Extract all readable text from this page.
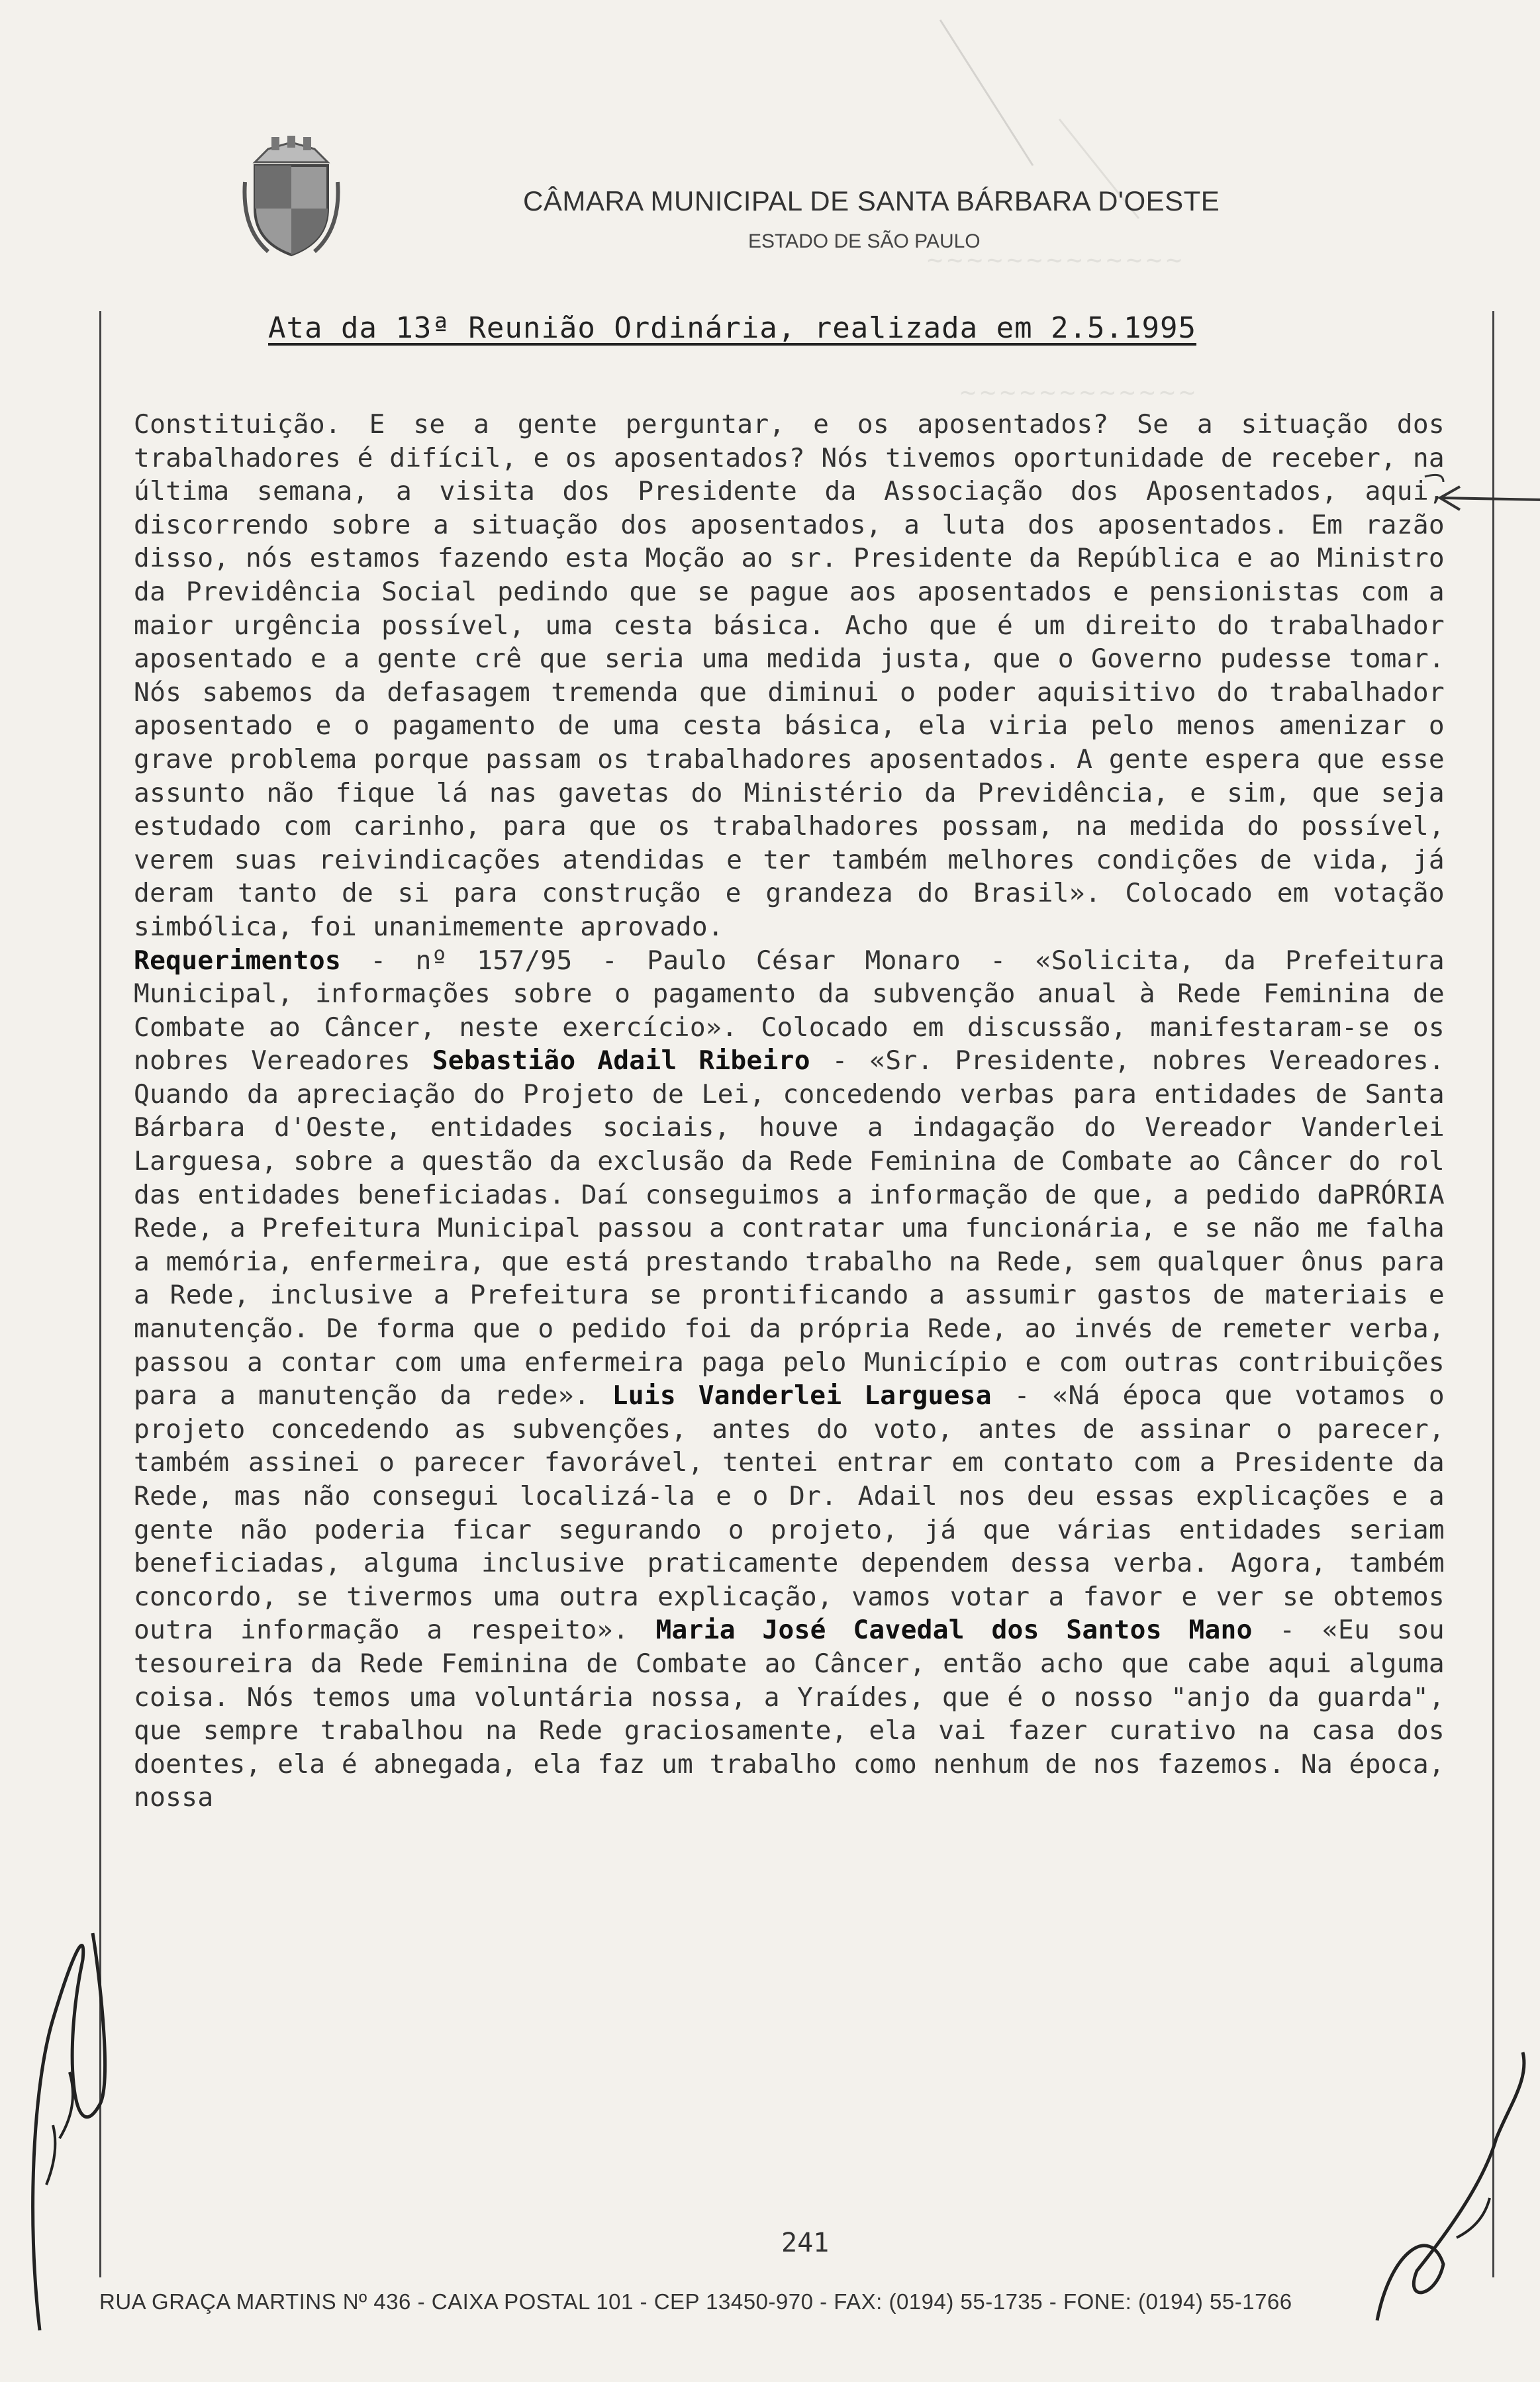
CÂMARA MUNICIPAL DE SANTA BÁRBARA D'OESTE
ESTADO DE SÃO PAULO
Ata da 13ª Reunião Ordinária, realizada em 2.5.1995

Constituição. E se a gente perguntar, e os aposentados? Se a situação dos trabalhadores é difícil, e os aposentados? Nós tivemos oportunidade de receber, na última semana, a visita dos Presidente da Associação dos Aposentados, aqui, discorrendo sobre a situação dos aposentados, a luta dos aposentados. Em razão disso, nós estamos fazendo esta Moção ao sr. Presidente da República e ao Ministro da Previdência Social pedindo que se pague aos aposentados e pensionistas com a maior urgência possível, uma cesta básica. Acho que é um direito do trabalhador aposentado e a gente crê que seria uma medida justa, que o Governo pudesse tomar. Nós sabemos da defasagem tremenda que diminui o poder aquisitivo do trabalhador aposentado e o pagamento de uma cesta básica, ela viria pelo menos amenizar o grave problema porque passam os trabalhadores aposentados. A gente espera que esse assunto não fique lá nas gavetas do Ministério da Previdência, e sim, que seja estudado com carinho, para que os trabalhadores possam, na medida do possível, verem suas reivindicações atendidas e ter também melhores condições de vida, já deram tanto de si para construção e grandeza do Brasil». Colocado em votação simbólica, foi unanimemente aprovado.
Requerimentos - nº 157/95 - Paulo César Monaro - «Solicita, da Prefeitura Municipal, informações sobre o pagamento da subvenção anual à Rede Feminina de Combate ao Câncer, neste exercício». Colocado em discussão, manifestaram-se os nobres Vereadores Sebastião Adail Ribeiro - «Sr. Presidente, nobres Vereadores. Quando da apreciação do Projeto de Lei, concedendo verbas para entidades de Santa Bárbara d'Oeste, entidades sociais, houve a indagação do Vereador Vanderlei Larguesa, sobre a questão da exclusão da Rede Feminina de Combate ao Câncer do rol das entidades beneficiadas. Daí conseguimos a informação de que, a pedido daPRÓRIA Rede, a Prefeitura Municipal passou a contratar uma funcionária, e se não me falha a memória, enfermeira, que está prestando trabalho na Rede, sem qualquer ônus para a Rede, inclusive a Prefeitura se prontificando a assumir gastos de materiais e manutenção. De forma que o pedido foi da própria Rede, ao invés de remeter verba, passou a contar com uma enfermeira paga pelo Município e com outras contribuições para a manutenção da rede». Luis Vanderlei Larguesa - «Ná época que votamos o projeto concedendo as subvenções, antes do voto, antes de assinar o parecer, também assinei o parecer favorável, tentei entrar em contato com a Presidente da Rede, mas não consegui localizá-la e o Dr. Adail nos deu essas explicações e a gente não poderia ficar segurando o projeto, já que várias entidades seriam beneficiadas, alguma inclusive praticamente dependem dessa verba. Agora, também concordo, se tivermos uma outra explicação, vamos votar a favor e ver se obtemos outra informação a respeito». Maria José Cavedal dos Santos Mano - «Eu sou tesoureira da Rede Feminina de Combate ao Câncer, então acho que cabe aqui alguma coisa. Nós temos uma voluntária nossa, a Yraídes, que é o nosso "anjo da guarda", que sempre trabalhou na Rede graciosamente, ela vai fazer curativo na casa dos doentes, ela é abnegada, ela faz um trabalho como nenhum de nos fazemos. Na época, nossa

241
RUA GRAÇA MARTINS Nº 436 - CAIXA POSTAL 101 - CEP 13450-970 - FAX: (0194) 55-1735 - FONE: (0194) 55-1766
~~~~~~~~~~~~~
~~~~~~~~~~~~
